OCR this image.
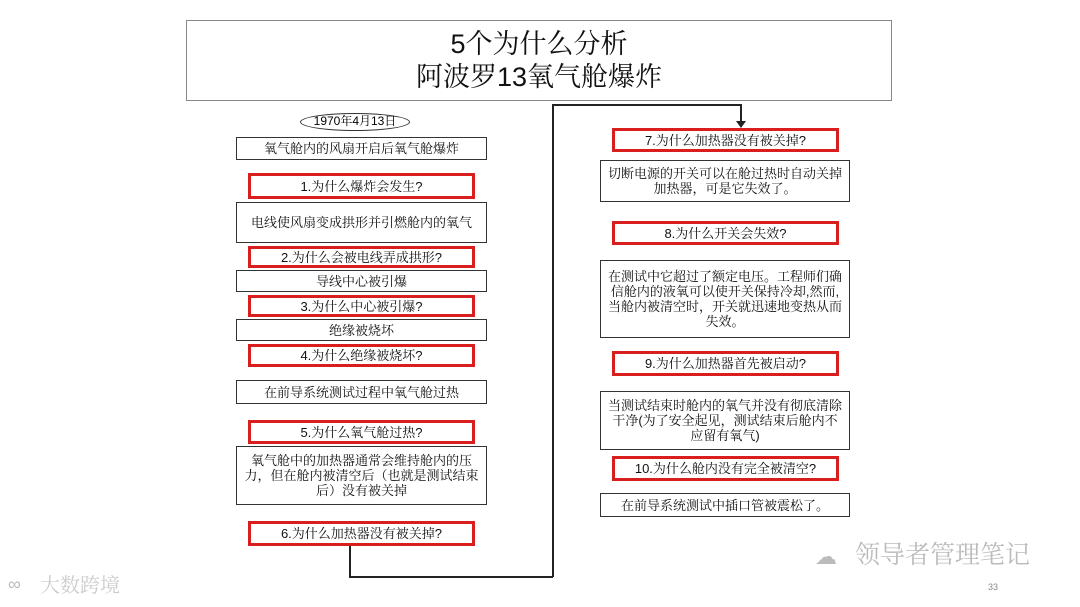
5个为什么分析
阿波罗13氧气舱爆炸
1970年4月13日
氧气舱内的风扇开启后氧气舱爆炸
1.为什么爆炸会发生?
电线使风扇变成拱形并引燃舱内的氧气
2.为什么会被电线弄成拱形?
导线中心被引爆
3.为什么中心被引爆?
绝缘被烧坏
4.为什么绝缘被烧坏?
在前导系统测试过程中氧气舱过热
5.为什么氧气舱过热?
氧气舱中的加热器通常会维持舱内的压力，但在舱内被清空后（也就是测试结束后）没有被关掉
6.为什么加热器没有被关掉?
7.为什么加热器没有被关掉?
切断电源的开关可以在舱过热时自动关掉加热器，可是它失效了。
8.为什么开关会失效?
在测试中它超过了额定电压。工程师们确信舱内的液氧可以使开关保持冷却,然而,当舱内被清空时，开关就迅速地变热从而失效。
9.为什么加热器首先被启动?
当测试结束时舱内的氧气并没有彻底清除干净(为了安全起见，测试结束后舱内不应留有氧气)
10.为什么舱内没有完全被清空?
在前导系统测试中插口管被震松了。
☁ 领导者管理笔记
33
∞ 大数跨境
